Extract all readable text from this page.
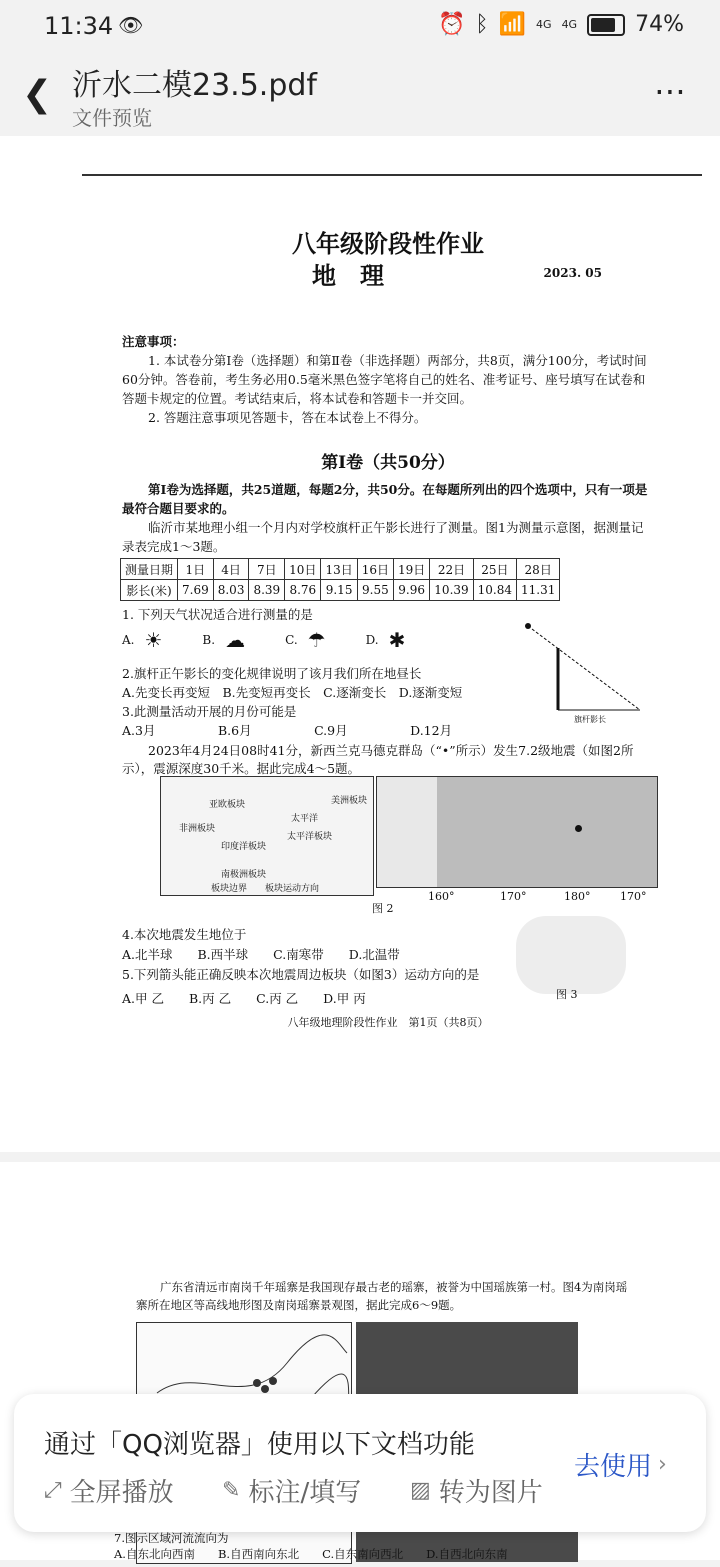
11:34 👁	⏰ ᛒ 📶 4G 4G	74%
❮ 沂水二模23.5.pdf
文件预览
⋯
八年级阶段性作业
地　理	2023. 05
注意事项：
1. 本试卷分第Ⅰ卷（选择题）和第Ⅱ卷（非选择题）两部分，共8页，满分100分，考试时间60分钟。答卷前，考生务必用0.5毫米黑色签字笔将自己的姓名、准考证号、座号填写在试卷和答题卡规定的位置。考试结束后，将本试卷和答题卡一并交回。
2. 答题注意事项见答题卡，答在本试卷上不得分。
第Ⅰ卷（共50分）
第Ⅰ卷为选择题，共25道题，每题2分，共50分。在每题所列出的四个选项中，只有一项是最符合题目要求的。
临沂市某地理小组一个月内对学校旗杆正午影长进行了测量。图1为测量示意图，据测量记录表完成1～3题。
测量日期	1日	4日	7日	10日	13日	16日	19日	22日	25日	28日
影长(米)	7.69	8.03	8.39	8.76	9.15	9.55	9.96	10.39	10.84	11.31
1. 下列天气状况适合进行测量的是
A. ☀	B. ☁	C. ☂	D. ✱
旗杆影长
2.旗杆正午影长的变化规律说明了该月我们所在地昼长
A.先变长再变短　B.先变短再变长　C.逐渐变长　D.逐渐变短
3.此测量活动开展的月份可能是
A.3月　　　　　B.6月　　　　　C.9月　　　　　D.12月
2023年4月24日08时41分，新西兰克马德克群岛（“•”所示）发生7.2级地震（如图2所示），震源深度30千米。据此完成4～5题。
亚欧板块
非洲板块
印度洋板块
太平洋
美洲板块
南极洲板块
太平洋板块
板块边界　　板块运动方向
160°	170°	180°	170°
图 2
4.本次地震发生地位于
A.北半球　　B.西半球　　C.南寒带　　D.北温带
5.下列箭头能正确反映本次地震周边板块（如图3）运动方向的是
A.甲 乙　　B.丙 乙　　C.丙 乙　　D.甲 丙	图 3
八年级地理阶段性作业　第1页（共8页）
广东省清远市南岗千年瑶寨是我国现存最古老的瑶寨，被誉为中国瑶族第一村。图4为南岗瑶寨所在地区等高线地形图及南岗瑶寨景观图，据此完成6～9题。
通过「QQ浏览器」使用以下文档功能
去使用 ›
⤢ 全屏播放 ✎ 标注/填写 ▨ 转为图片
7.图示区域河流流向为
A.自东北向西南　　B.自西南向东北　　C.自东南向西北　　D.自西北向东南
